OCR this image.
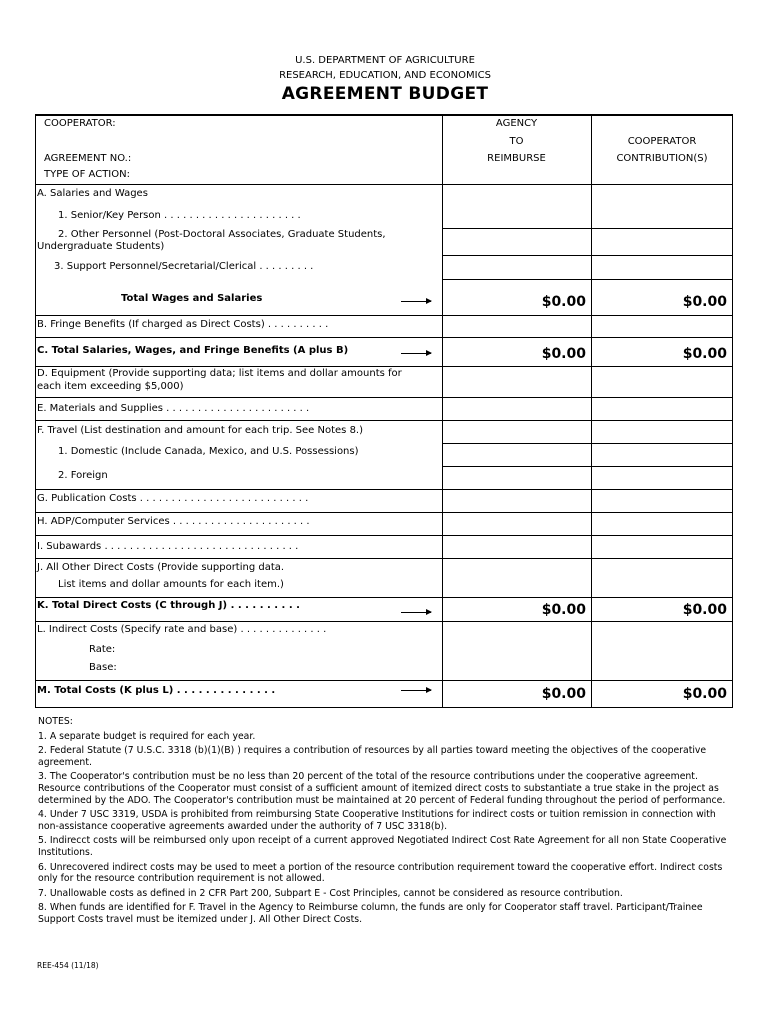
U.S. DEPARTMENT OF AGRICULTURE
RESEARCH, EDUCATION, AND ECONOMICS
AGREEMENT BUDGET
COOPERATOR:
AGREEMENT NO.:
TYPE OF ACTION:
AGENCY
TO
REIMBURSE
COOPERATOR
CONTRIBUTION(S)
A. Salaries and Wages
1. Senior/Key Person . . . . . . . . . . . . . . . . . . . . . .
2. Other Personnel (Post-Doctoral Associates, Graduate Students,
Undergraduate Students)
3. Support Personnel/Secretarial/Clerical . . . . . . . . .
Total Wages and Salaries	$0.00	$0.00
B. Fringe Benefits (If charged as Direct Costs) . . . . . . . . . .
C. Total Salaries, Wages, and Fringe Benefits (A plus B)	$0.00	$0.00
D. Equipment (Provide supporting data; list items and dollar amounts for
each item exceeding $5,000)
E. Materials and Supplies . . . . . . . . . . . . . . . . . . . . . . .
F. Travel (List destination and amount for each trip. See Notes 8.)
1. Domestic (Include Canada, Mexico, and U.S. Possessions)
2. Foreign
G. Publication Costs . . . . . . . . . . . . . . . . . . . . . . . . . . .
H. ADP/Computer Services . . . . . . . . . . . . . . . . . . . . . .
I. Subawards . . . . . . . . . . . . . . . . . . . . . . . . . . . . . . .
J. All Other Direct Costs (Provide supporting data.
List items and dollar amounts for each item.)
K. Total Direct Costs (C through J) . . . . . . . . . .	$0.00	$0.00
L. Indirect Costs (Specify rate and base) . . . . . . . . . . . . . .
Rate:
Base:
M. Total Costs (K plus L) . . . . . . . . . . . . . .	$0.00	$0.00

NOTES:

1. A separate budget is required for each year.

2. Federal Statute (7 U.S.C. 3318 (b)(1)(B) ) requires a contribution of resources by all parties toward meeting the objectives of the cooperative agreement.

3. The Cooperator's contribution must be no less than 20 percent of the total of the resource contributions under the cooperative agreement. Resource contributions of the Cooperator must consist of a sufficient amount of itemized direct costs to substantiate a true stake in the project as determined by the ADO. The Cooperator's contribution must be maintained at 20 percent of Federal funding throughout the period of performance.

4. Under 7 USC 3319, USDA is prohibited from reimbursing State Cooperative Institutions for indirect costs or tuition remission in connection with non-assistance cooperative agreements awarded under the authority of 7 USC 3318(b).

5. Indirecct costs will be reimbursed only upon receipt of a current approved Negotiated Indirect Cost Rate Agreement for all non State Cooperative Institutions.

6. Unrecovered indirect costs may be used to meet a portion of the resource contribution requirement toward the cooperative effort. Indirect costs only for the resource contribution requirement is not allowed.

7. Unallowable costs as defined in 2 CFR Part 200, Subpart E - Cost Principles, cannot be considered as resource contribution.

8. When funds are identified for F. Travel in the Agency to Reimburse column, the funds are only for Cooperator staff travel. Participant/Trainee Support Costs travel must be itemized under J. All Other Direct Costs.

REE-454 (11/18)
